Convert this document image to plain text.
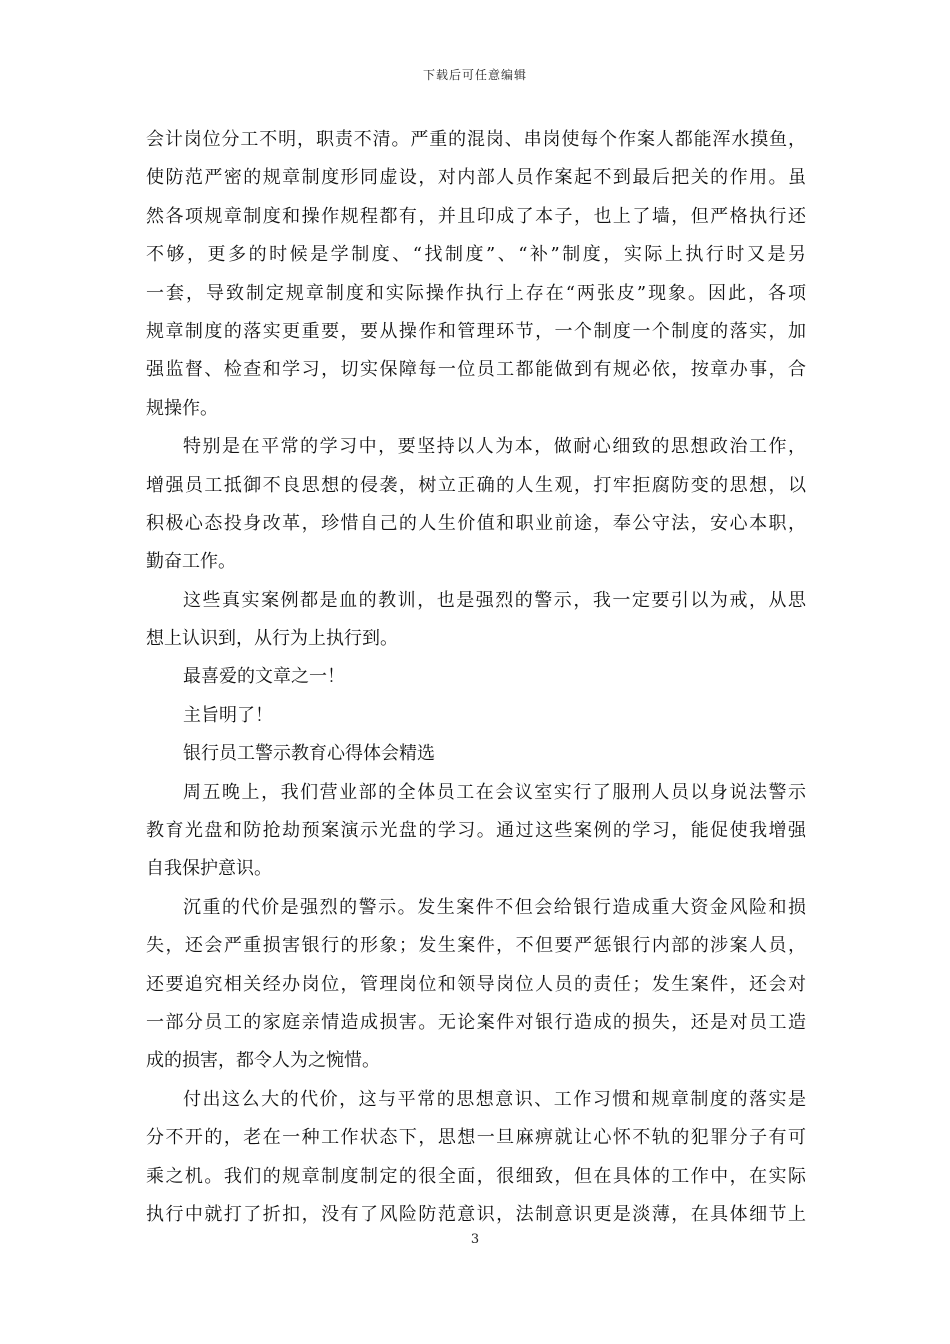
下载后可任意编辑
会计岗位分工不明，职责不清。严重的混岗、串岗使每个作案人都能浑水摸鱼，
使防范严密的规章制度形同虚设，对内部人员作案起不到最后把关的作用。虽
然各项规章制度和操作规程都有，并且印成了本子，也上了墙，但严格执行还
不够，更多的时候是学制度、“找制度”、“补”制度，实际上执行时又是另
一套，导致制定规章制度和实际操作执行上存在“两张皮”现象。因此，各项
规章制度的落实更重要，要从操作和管理环节，一个制度一个制度的落实，加
强监督、检查和学习，切实保障每一位员工都能做到有规必依，按章办事，合
规操作。
特别是在平常的学习中，要坚持以人为本，做耐心细致的思想政治工作，
增强员工抵御不良思想的侵袭，树立正确的人生观，打牢拒腐防变的思想，以
积极心态投身改革，珍惜自己的人生价值和职业前途，奉公守法，安心本职，
勤奋工作。
这些真实案例都是血的教训，也是强烈的警示，我一定要引以为戒，从思
想上认识到，从行为上执行到。
最喜爱的文章之一！
主旨明了！
银行员工警示教育心得体会精选
周五晚上，我们营业部的全体员工在会议室实行了服刑人员以身说法警示
教育光盘和防抢劫预案演示光盘的学习。通过这些案例的学习，能促使我增强
自我保护意识。
沉重的代价是强烈的警示。发生案件不但会给银行造成重大资金风险和损
失，还会严重损害银行的形象；发生案件，不但要严惩银行内部的涉案人员，
还要追究相关经办岗位，管理岗位和领导岗位人员的责任；发生案件，还会对
一部分员工的家庭亲情造成损害。无论案件对银行造成的损失，还是对员工造
成的损害，都令人为之惋惜。
付出这么大的代价，这与平常的思想意识、工作习惯和规章制度的落实是
分不开的，老在一种工作状态下，思想一旦麻痹就让心怀不轨的犯罪分子有可
乘之机。我们的规章制度制定的很全面，很细致，但在具体的工作中，在实际
执行中就打了折扣，没有了风险防范意识，法制意识更是淡薄，在具体细节上
3
